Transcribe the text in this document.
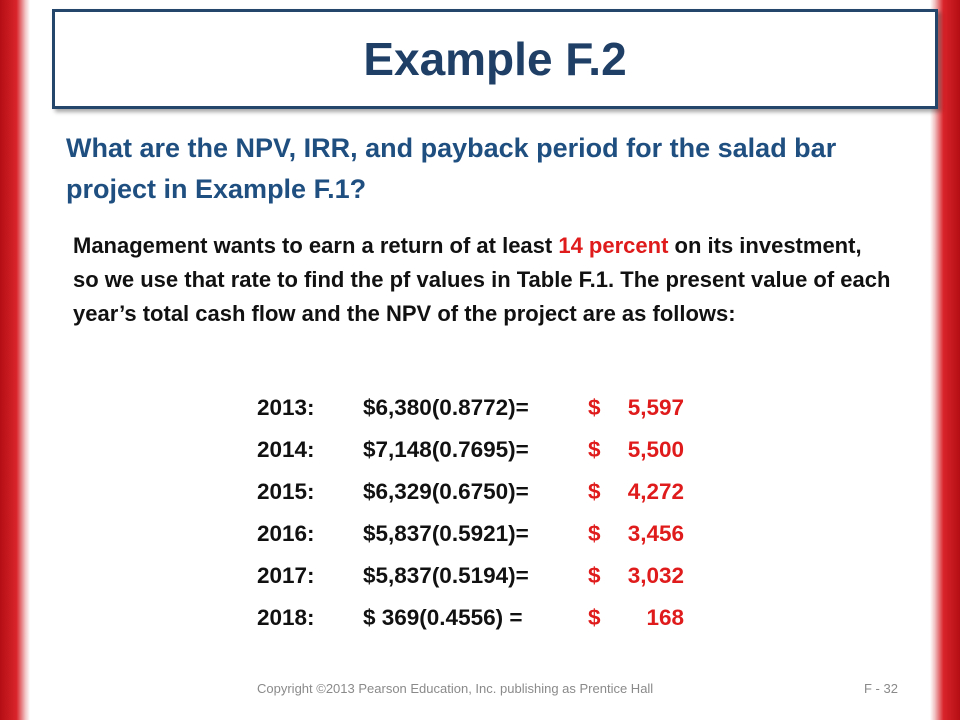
Example F.2
What are the NPV, IRR, and payback period for the salad bar project in Example F.1?
Management wants to earn a return of at least 14 percent on its investment, so we use that rate to find the pf values in Table F.1. The present value of each year’s total cash flow and the NPV of the project are as follows:
2013: $6,380(0.8772)=	$	5,597
2014: $7,148(0.7695)=	$	5,500
2015: $6,329(0.6750)=	$	4,272
2016: $5,837(0.5921)=	$	3,456
2017: $5,837(0.5194)=	$	3,032
2018: $ 369(0.4556) =	$	168
Copyright ©2013 Pearson Education, Inc. publishing as Prentice Hall	F - 32
